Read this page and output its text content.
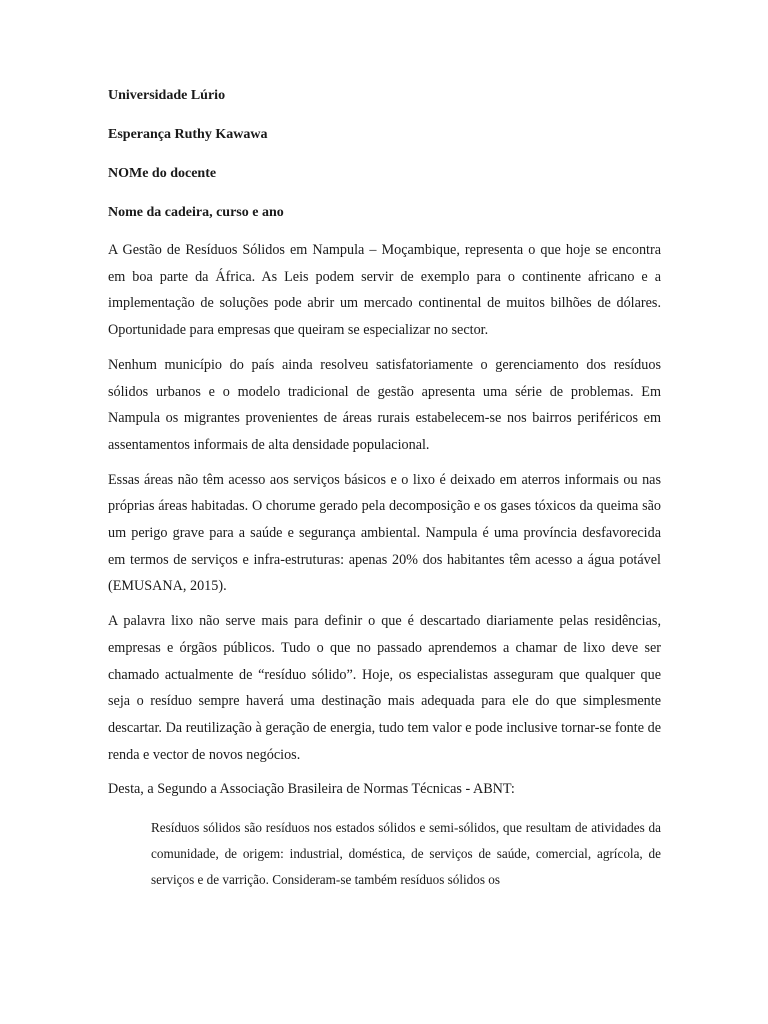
Universidade Lúrio
Esperança Ruthy Kawawa
NOMe do docente
Nome da cadeira, curso e ano

A Gestão de Resíduos Sólidos em Nampula – Moçambique, representa o que hoje se encontra em boa parte da África. As Leis podem servir de exemplo para o continente africano e a implementação de soluções pode abrir um mercado continental de muitos bilhões de dólares. Oportunidade para empresas que queiram se especializar no sector.

Nenhum município do país ainda resolveu satisfatoriamente o gerenciamento dos resíduos sólidos urbanos e o modelo tradicional de gestão apresenta uma série de problemas. Em Nampula os migrantes provenientes de áreas rurais estabelecem-se nos bairros periféricos em assentamentos informais de alta densidade populacional.

Essas áreas não têm acesso aos serviços básicos e o lixo é deixado em aterros informais ou nas próprias áreas habitadas. O chorume gerado pela decomposição e os gases tóxicos da queima são um perigo grave para a saúde e segurança ambiental. Nampula é uma província desfavorecida em termos de serviços e infra-estruturas: apenas 20% dos habitantes têm acesso a água potável (EMUSANA, 2015).

A palavra lixo não serve mais para definir o que é descartado diariamente pelas residências, empresas e órgãos públicos. Tudo o que no passado aprendemos a chamar de lixo deve ser chamado actualmente de “resíduo sólido”. Hoje, os especialistas asseguram que qualquer que seja o resíduo sempre haverá uma destinação mais adequada para ele do que simplesmente descartar. Da reutilização à geração de energia, tudo tem valor e pode inclusive tornar-se fonte de renda e vector de novos negócios.

Desta, a Segundo a Associação Brasileira de Normas Técnicas - ABNT:

Resíduos sólidos são resíduos nos estados sólidos e semi-sólidos, que resultam de atividades da comunidade, de origem: industrial, doméstica, de serviços de saúde, comercial, agrícola, de serviços e de varrição. Consideram-se também resíduos sólidos os
